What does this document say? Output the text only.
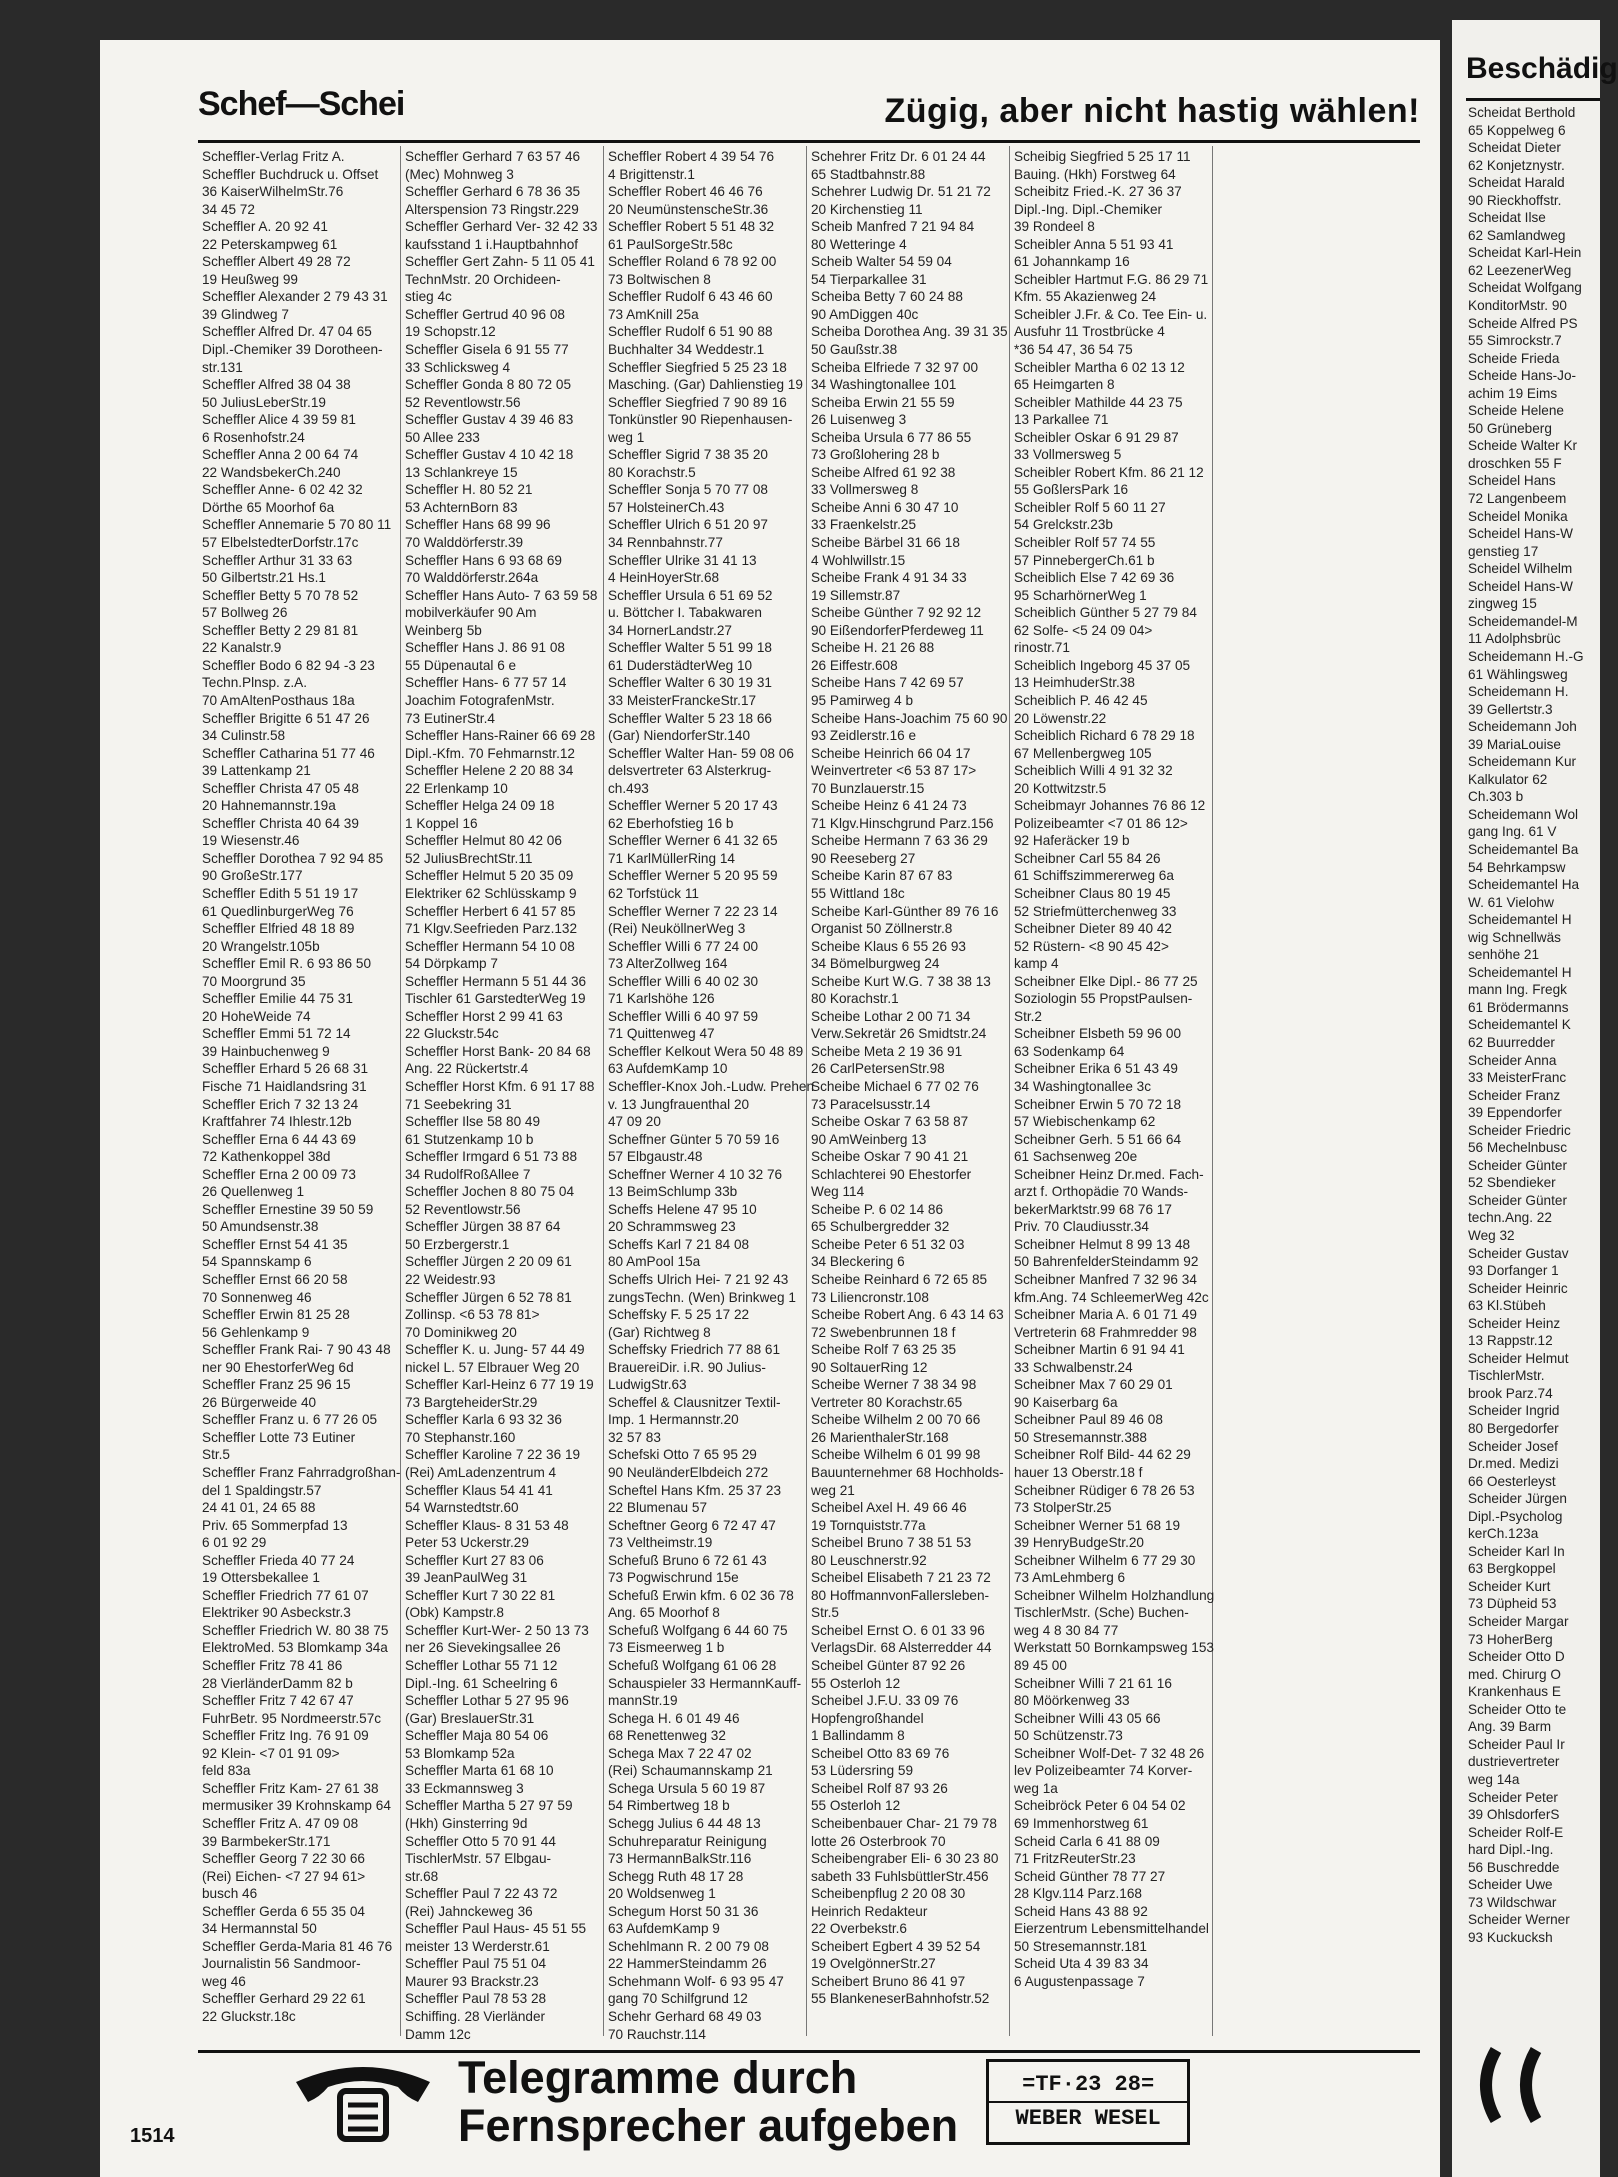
Schef—Schei	Zügig, aber nicht hastig wählen!
Scheffler-Verlag Fritz A.
Scheffler Buchdruck u. Offset
36 KaiserWilhelmStr.76
34 45 72
Scheffler A. 20 92 41
22 Peterskampweg 61
Scheffler Albert 49 28 72
19 Heußweg 99
Scheffler Alexander 2 79 43 31
39 Glindweg 7
Scheffler Alfred Dr. 47 04 65
Dipl.-Chemiker 39 Dorotheen-
str.131
Scheffler Alfred 38 04 38
50 JuliusLeberStr.19
Scheffler Alice 4 39 59 81
6 Rosenhofstr.24
Scheffler Anna 2 00 64 74
22 WandsbekerCh.240
Scheffler Anne- 6 02 42 32
Dörthe 65 Moorhof 6a
Scheffler Annemarie 5 70 80 11
57 ElbelstedterDorfstr.17c
Scheffler Arthur 31 33 63
50 Gilbertstr.21 Hs.1
Scheffler Betty 5 70 78 52
57 Bollweg 26
Scheffler Betty 2 29 81 81
22 Kanalstr.9
Scheffler Bodo 6 82 94 -3 23
Techn.Plnsp. z.A.
70 AmAltenPosthaus 18a
Scheffler Brigitte 6 51 47 26
34 Culinstr.58
Scheffler Catharina 51 77 46
39 Lattenkamp 21
Scheffler Christa 47 05 48
20 Hahnemannstr.19a
Scheffler Christa 40 64 39
19 Wiesenstr.46
Scheffler Dorothea 7 92 94 85
90 GroßeStr.177
Scheffler Edith 5 51 19 17
61 QuedlinburgerWeg 76
Scheffler Elfried 48 18 89
20 Wrangelstr.105b
Scheffler Emil R. 6 93 86 50
70 Moorgrund 35
Scheffler Emilie 44 75 31
20 HoheWeide 74
Scheffler Emmi 51 72 14
39 Hainbuchenweg 9
Scheffler Erhard 5 26 68 31
Fische 71 Haidlandsring 31
Scheffler Erich 7 32 13 24
Kraftfahrer 74 Ihlestr.12b
Scheffler Erna 6 44 43 69
72 Kathenkoppel 38d
Scheffler Erna 2 00 09 73
26 Quellenweg 1
Scheffler Ernestine 39 50 59
50 Amundsenstr.38
Scheffler Ernst 54 41 35
54 Spannskamp 6
Scheffler Ernst 66 20 58
70 Sonnenweg 46
Scheffler Erwin 81 25 28
56 Gehlenkamp 9
Scheffler Frank Rai- 7 90 43 48
ner 90 EhestorferWeg 6d
Scheffler Franz 25 96 15
26 Bürgerweide 40
Scheffler Franz u. 6 77 26 05
Scheffler Lotte 73 Eutiner
Str.5
Scheffler Franz Fahrradgroßhan-
del 1 Spaldingstr.57
24 41 01, 24 65 88
Priv. 65 Sommerpfad 13
6 01 92 29
Scheffler Frieda 40 77 24
19 Ottersbekallee 1
Scheffler Friedrich 77 61 07
Elektriker 90 Asbeckstr.3
Scheffler Friedrich W. 80 38 75
ElektroMed. 53 Blomkamp 34a
Scheffler Fritz 78 41 86
28 VierländerDamm 82 b
Scheffler Fritz 7 42 67 47
FuhrBetr. 95 Nordmeerstr.57c
Scheffler Fritz Ing. 76 91 09
92 Klein- <7 01 91 09>
feld 83a
Scheffler Fritz Kam- 27 61 38
mermusiker 39 Krohnskamp 64
Scheffler Fritz A. 47 09 08
39 BarmbekerStr.171
Scheffler Georg 7 22 30 66
(Rei) Eichen- <7 27 94 61>
busch 46
Scheffler Gerda 6 55 35 04
34 Hermannstal 50
Scheffler Gerda-Maria 81 46 76
Journalistin 56 Sandmoor-
weg 46
Scheffler Gerhard 29 22 61
22 Gluckstr.18c
Scheffler Gerhard 7 63 57 46
(Mec) Mohnweg 3
Scheffler Gerhard 6 78 36 35
Alterspension 73 Ringstr.229
Scheffler Gerhard Ver- 32 42 33
kaufsstand 1 i.Hauptbahnhof
Scheffler Gert Zahn- 5 11 05 41
TechnMstr. 20 Orchideen-
stieg 4c
Scheffler Gertrud 40 96 08
19 Schopstr.12
Scheffler Gisela 6 91 55 77
33 Schlicksweg 4
Scheffler Gonda 8 80 72 05
52 Reventlowstr.56
Scheffler Gustav 4 39 46 83
50 Allee 233
Scheffler Gustav 4 10 42 18
13 Schlankreye 15
Scheffler H. 80 52 21
53 AchternBorn 83
Scheffler Hans 68 99 96
70 Walddörferstr.39
Scheffler Hans 6 93 68 69
70 Walddörferstr.264a
Scheffler Hans Auto- 7 63 59 58
mobilverkäufer 90 Am
Weinberg 5b
Scheffler Hans J. 86 91 08
55 Düpenautal 6 e
Scheffler Hans- 6 77 57 14
Joachim FotografenMstr.
73 EutinerStr.4
Scheffler Hans-Rainer 66 69 28
Dipl.-Kfm. 70 Fehmarnstr.12
Scheffler Helene 2 20 88 34
22 Erlenkamp 10
Scheffler Helga 24 09 18
1 Koppel 16
Scheffler Helmut 80 42 06
52 JuliusBrechtStr.11
Scheffler Helmut 5 20 35 09
Elektriker 62 Schlüsskamp 9
Scheffler Herbert 6 41 57 85
71 Klgv.Seefrieden Parz.132
Scheffler Hermann 54 10 08
54 Dörpkamp 7
Scheffler Hermann 5 51 44 36
Tischler 61 GarstedterWeg 19
Scheffler Horst 2 99 41 63
22 Gluckstr.54c
Scheffler Horst Bank- 20 84 68
Ang. 22 Rückertstr.4
Scheffler Horst Kfm. 6 91 17 88
71 Seebekring 31
Scheffler Ilse 58 80 49
61 Stutzenkamp 10 b
Scheffler Irmgard 6 51 73 88
34 RudolfRoßAllee 7
Scheffler Jochen 8 80 75 04
52 Reventlowstr.56
Scheffler Jürgen 38 87 64
50 Erzbergerstr.1
Scheffler Jürgen 2 20 09 61
22 Weidestr.93
Scheffler Jürgen 6 52 78 81
Zollinsp. <6 53 78 81>
70 Dominikweg 20
Scheffler K. u. Jung- 57 44 49
nickel L. 57 Elbrauer Weg 20
Scheffler Karl-Heinz 6 77 19 19
73 BargteheiderStr.29
Scheffler Karla 6 93 32 36
70 Stephanstr.160
Scheffler Karoline 7 22 36 19
(Rei) AmLadenzentrum 4
Scheffler Klaus 54 41 41
54 Warnstedtstr.60
Scheffler Klaus- 8 31 53 48
Peter 53 Uckerstr.29
Scheffler Kurt 27 83 06
39 JeanPaulWeg 31
Scheffler Kurt 7 30 22 81
(Obk) Kampstr.8
Scheffler Kurt-Wer- 2 50 13 73
ner 26 Sievekingsallee 26
Scheffler Lothar 55 71 12
Dipl.-Ing. 61 Scheelring 6
Scheffler Lothar 5 27 95 96
(Gar) BreslauerStr.31
Scheffler Maja 80 54 06
53 Blomkamp 52a
Scheffler Marta 61 68 10
33 Eckmannsweg 3
Scheffler Martha 5 27 97 59
(Hkh) Ginsterring 9d
Scheffler Otto 5 70 91 44
TischlerMstr. 57 Elbgau-
str.68
Scheffler Paul 7 22 43 72
(Rei) Jahnckeweg 36
Scheffler Paul Haus- 45 51 55
meister 13 Werderstr.61
Scheffler Paul 75 51 04
Maurer 93 Brackstr.23
Scheffler Paul 78 53 28
Schiffing. 28 Vierländer
Damm 12c
Scheffler Robert 4 39 54 76
4 Brigittenstr.1
Scheffler Robert 46 46 76
20 NeumünstenscheStr.36
Scheffler Robert 5 51 48 32
61 PaulSorgeStr.58c
Scheffler Roland 6 78 92 00
73 Boltwischen 8
Scheffler Rudolf 6 43 46 60
73 AmKnill 25a
Scheffler Rudolf 6 51 90 88
Buchhalter 34 Weddestr.1
Scheffler Siegfried 5 25 23 18
Masching. (Gar) Dahlienstieg 19
Scheffler Siegfried 7 90 89 16
Tonkünstler 90 Riepenhausen-
weg 1
Scheffler Sigrid 7 38 35 20
80 Korachstr.5
Scheffler Sonja 5 70 77 08
57 HolsteinerCh.43
Scheffler Ulrich 6 51 20 97
34 Rennbahnstr.77
Scheffler Ulrike 31 41 13
4 HeinHoyerStr.68
Scheffler Ursula 6 51 69 52
u. Böttcher I. Tabakwaren
34 HornerLandstr.27
Scheffler Walter 5 51 99 18
61 DuderstädterWeg 10
Scheffler Walter 6 30 19 31
33 MeisterFranckeStr.17
Scheffler Walter 5 23 18 66
(Gar) NiendorferStr.140
Scheffler Walter Han- 59 08 06
delsvertreter 63 Alsterkrug-
ch.493
Scheffler Werner 5 20 17 43
62 Eberhofstieg 16 b
Scheffler Werner 6 41 32 65
71 KarlMüllerRing 14
Scheffler Werner 5 20 95 59
62 Torfstück 11
Scheffler Werner 7 22 23 14
(Rei) NeuköllnerWeg 3
Scheffler Willi 6 77 24 00
73 AlterZollweg 164
Scheffler Willi 6 40 02 30
71 Karlshöhe 126
Scheffler Willi 6 40 97 59
71 Quittenweg 47
Scheffler Kelkout Wera 50 48 89
63 AufdemKamp 10
Scheffler-Knox Joh.-Ludw. Prehen
v. 13 Jungfrauenthal 20
47 09 20
Scheffner Günter 5 70 59 16
57 Elbgaustr.48
Scheffner Werner 4 10 32 76
13 BeimSchlump 33b
Scheffs Helene 47 95 10
20 Schrammsweg 23
Scheffs Karl 7 21 84 08
80 AmPool 15a
Scheffs Ulrich Hei- 7 21 92 43
zungsTechn. (Wen) Brinkweg 1
Scheffsky F. 5 25 17 22
(Gar) Richtweg 8
Scheffsky Friedrich 77 88 61
BrauereiDir. i.R. 90 Julius-
LudwigStr.63
Scheffel & Clausnitzer Textil-
Imp. 1 Hermannstr.20
32 57 83
Schefski Otto 7 65 95 29
90 NeuländerElbdeich 272
Scheftel Hans Kfm. 25 37 23
22 Blumenau 57
Scheftner Georg 6 72 47 47
73 Veltheimstr.19
Schefuß Bruno 6 72 61 43
73 Pogwischrund 15e
Schefuß Erwin kfm. 6 02 36 78
Ang. 65 Moorhof 8
Schefuß Wolfgang 6 44 60 75
73 Eismeerweg 1 b
Schefuß Wolfgang 61 06 28
Schauspieler 33 HermannKauff-
mannStr.19
Schega H. 6 01 49 46
68 Renettenweg 32
Schega Max 7 22 47 02
(Rei) Schaumannskamp 21
Schega Ursula 5 60 19 87
54 Rimbertweg 18 b
Schegg Julius 6 44 48 13
Schuhreparatur Reinigung
73 HermannBalkStr.116
Schegg Ruth 48 17 28
20 Woldsenweg 1
Schegum Horst 50 31 36
63 AufdemKamp 9
Schehlmann R. 2 00 79 08
22 HammerSteindamm 26
Schehmann Wolf- 6 93 95 47
gang 70 Schilfgrund 12
Schehr Gerhard 68 49 03
70 Rauchstr.114
Schehrer Fritz Dr. 6 01 24 44
65 Stadtbahnstr.88
Schehrer Ludwig Dr. 51 21 72
20 Kirchenstieg 11
Scheib Manfred 7 21 94 84
80 Wetteringe 4
Scheib Walter 54 59 04
54 Tierparkallee 31
Scheiba Betty 7 60 24 88
90 AmDiggen 40c
Scheiba Dorothea Ang. 39 31 35
50 Gaußstr.38
Scheiba Elfriede 7 32 97 00
34 Washingtonallee 101
Scheiba Erwin 21 55 59
26 Luisenweg 3
Scheiba Ursula 6 77 86 55
73 Großlohering 28 b
Scheibe Alfred 61 92 38
33 Vollmersweg 8
Scheibe Anni 6 30 47 10
33 Fraenkelstr.25
Scheibe Bärbel 31 66 18
4 Wohlwillstr.15
Scheibe Frank 4 91 34 33
19 Sillemstr.87
Scheibe Günther 7 92 92 12
90 EißendorferPferdeweg 11
Scheibe H. 21 26 88
26 Eiffestr.608
Scheibe Hans 7 42 69 57
95 Pamirweg 4 b
Scheibe Hans-Joachim 75 60 90
93 Zeidlerstr.16 e
Scheibe Heinrich 66 04 17
Weinvertreter <6 53 87 17>
70 Bunzlauerstr.15
Scheibe Heinz 6 41 24 73
71 Klgv.Hinschgrund Parz.156
Scheibe Hermann 7 63 36 29
90 Reeseberg 27
Scheibe Karin 87 67 83
55 Wittland 18c
Scheibe Karl-Günther 89 76 16
Organist 50 Zöllnerstr.8
Scheibe Klaus 6 55 26 93
34 Bömelburgweg 24
Scheibe Kurt W.G. 7 38 38 13
80 Korachstr.1
Scheibe Lothar 2 00 71 34
Verw.Sekretär 26 Smidtstr.24
Scheibe Meta 2 19 36 91
26 CarlPetersenStr.98
Scheibe Michael 6 77 02 76
73 Paracelsusstr.14
Scheibe Oskar 7 63 58 87
90 AmWeinberg 13
Scheibe Oskar 7 90 41 21
Schlachterei 90 Ehestorfer
Weg 114
Scheibe P. 6 02 14 86
65 Schulbergredder 32
Scheibe Peter 6 51 32 03
34 Bleckering 6
Scheibe Reinhard 6 72 65 85
73 Liliencronstr.108
Scheibe Robert Ang. 6 43 14 63
72 Swebenbrunnen 18 f
Scheibe Rolf 7 63 25 35
90 SoltauerRing 12
Scheibe Werner 7 38 34 98
Vertreter 80 Korachstr.65
Scheibe Wilhelm 2 00 70 66
26 MarienthalerStr.168
Scheibe Wilhelm 6 01 99 98
Bauunternehmer 68 Hochholds-
weg 21
Scheibel Axel H. 49 66 46
19 Tornquiststr.77a
Scheibel Bruno 7 38 51 53
80 Leuschnerstr.92
Scheibel Elisabeth 7 21 23 72
80 HoffmannvonFallersleben-
Str.5
Scheibel Ernst O. 6 01 33 96
VerlagsDir. 68 Alsterredder 44
Scheibel Günter 87 92 26
55 Osterloh 12
Scheibel J.F.U. 33 09 76
Hopfengroßhandel
1 Ballindamm 8
Scheibel Otto 83 69 76
53 Lüdersring 59
Scheibel Rolf 87 93 26
55 Osterloh 12
Scheibenbauer Char- 21 79 78
lotte 26 Osterbrook 70
Scheibengraber Eli- 6 30 23 80
sabeth 33 FuhlsbüttlerStr.456
Scheibenpflug 2 20 08 30
Heinrich Redakteur
22 Overbekstr.6
Scheibert Egbert 4 39 52 54
19 OvelgönnerStr.27
Scheibert Bruno 86 41 97
55 BlankeneserBahnhofstr.52
Scheibig Siegfried 5 25 17 11
Bauing. (Hkh) Forstweg 64
Scheibitz Fried.-K. 27 36 37
Dipl.-Ing. Dipl.-Chemiker
39 Rondeel 8
Scheibler Anna 5 51 93 41
61 Johannkamp 16
Scheibler Hartmut F.G. 86 29 71
Kfm. 55 Akazienweg 24
Scheibler J.Fr. & Co. Tee Ein- u.
Ausfuhr 11 Trostbrücke 4
*36 54 47, 36 54 75
Scheibler Martha 6 02 13 12
65 Heimgarten 8
Scheibler Mathilde 44 23 75
13 Parkallee 71
Scheibler Oskar 6 91 29 87
33 Vollmersweg 5
Scheibler Robert Kfm. 86 21 12
55 GoßlersPark 16
Scheibler Rolf 5 60 11 27
54 Grelckstr.23b
Scheibler Rolf 57 74 55
57 PinnebergerCh.61 b
Scheiblich Else 7 42 69 36
95 ScharhörnerWeg 1
Scheiblich Günther 5 27 79 84
62 Solfe- <5 24 09 04>
rinostr.71
Scheiblich Ingeborg 45 37 05
13 HeimhuderStr.38
Scheiblich P. 46 42 45
20 Löwenstr.22
Scheiblich Richard 6 78 29 18
67 Mellenbergweg 105
Scheiblich Willi 4 91 32 32
20 Kottwitzstr.5
Scheibmayr Johannes 76 86 12
Polizeibeamter <7 01 86 12>
92 Haferäcker 19 b
Scheibner Carl 55 84 26
61 Schiffszimmererweg 6a
Scheibner Claus 80 19 45
52 Striefmütterchenweg 33
Scheibner Dieter 89 40 42
52 Rüstern- <8 90 45 42>
kamp 4
Scheibner Elke Dipl.- 86 77 25
Soziologin 55 PropstPaulsen-
Str.2
Scheibner Elsbeth 59 96 00
63 Sodenkamp 64
Scheibner Erika 6 51 43 49
34 Washingtonallee 3c
Scheibner Erwin 5 70 72 18
57 Wiebischenkamp 62
Scheibner Gerh. 5 51 66 64
61 Sachsenweg 20e
Scheibner Heinz Dr.med. Fach-
arzt f. Orthopädie 70 Wands-
bekerMarktstr.99 68 76 17
Priv. 70 Claudiusstr.34
Scheibner Helmut 8 99 13 48
50 BahrenfelderSteindamm 92
Scheibner Manfred 7 32 96 34
kfm.Ang. 74 SchleemerWeg 42c
Scheibner Maria A. 6 01 71 49
Vertreterin 68 Frahmredder 98
Scheibner Martin 6 91 94 41
33 Schwalbenstr.24
Scheibner Max 7 60 29 01
90 Kaiserbarg 6a
Scheibner Paul 89 46 08
50 Stresemannstr.388
Scheibner Rolf Bild- 44 62 29
hauer 13 Oberstr.18 f
Scheibner Rüdiger 6 78 26 53
73 StolperStr.25
Scheibner Werner 51 68 19
39 HenryBudgeStr.20
Scheibner Wilhelm 6 77 29 30
73 AmLehmberg 6
Scheibner Wilhelm Holzhandlung
TischlerMstr. (Sche) Buchen-
weg 4 8 30 84 77
Werkstatt 50 Bornkampsweg 153
89 45 00
Scheibner Willi 7 21 61 16
80 Möörkenweg 33
Scheibner Willi 43 05 66
50 Schützenstr.73
Scheibner Wolf-Det- 7 32 48 26
lev Polizeibeamter 74 Korver-
weg 1a
Scheibröck Peter 6 04 54 02
69 Immenhorstweg 61
Scheid Carla 6 41 88 09
71 FritzReuterStr.23
Scheid Günther 78 77 27
28 Klgv.114 Parz.168
Scheid Hans 43 88 92
Eierzentrum Lebensmittelhandel
50 Stresemannstr.181
Scheid Uta 4 39 83 34
6 Augustenpassage 7
Telegramme durch
Fernsprecher aufgeben
=TF·23 28=
WEBER WESEL
1514
Beschädig
Scheidat Berthold
65 Koppelweg 6
Scheidat Dieter
62 Konjetznystr.
Scheidat Harald
90 Rieckhoffstr.
Scheidat Ilse
62 Samlandweg
Scheidat Karl-Hein
62 LeezenerWeg
Scheidat Wolfgang
KonditorMstr. 90
Scheide Alfred PS
55 Simrockstr.7
Scheide Frieda
Scheide Hans-Jo-
achim 19 Eims
Scheide Helene
50 Grüneberg
Scheide Walter Kr
droschken 55 F
Scheidel Hans
72 Langenbeem
Scheidel Monika
Scheidel Hans-W
genstieg 17
Scheidel Wilhelm
Scheidel Hans-W
zingweg 15
Scheidemandel-M
11 Adolphsbrüc
Scheidemann H.-G
61 Wählingsweg
Scheidemann H.
39 Gellertstr.3
Scheidemann Joh
39 MariaLouise
Scheidemann Kur
Kalkulator 62
Ch.303 b
Scheidemann Wol
gang Ing. 61 V
Scheidemantel Ba
54 Behrkampsw
Scheidemantel Ha
W. 61 Vielohw
Scheidemantel H
wig Schnellwäs
senhöhe 21
Scheidemantel H
mann Ing. Fregk
61 Brödermanns
Scheidemantel K
62 Buurredder
Scheider Anna
33 MeisterFranc
Scheider Franz
39 Eppendorfer
Scheider Friedric
56 Mechelnbusc
Scheider Günter
52 Sbendieker
Scheider Günter
techn.Ang. 22
Weg 32
Scheider Gustav
93 Dorfanger 1
Scheider Heinric
63 Kl.Stübeh
Scheider Heinz
13 Rappstr.12
Scheider Helmut
TischlerMstr.
brook Parz.74
Scheider Ingrid
80 Bergedorfer
Scheider Josef
Dr.med. Medizi
66 Oesterleyst
Scheider Jürgen
Dipl.-Psycholog
kerCh.123a
Scheider Karl In
63 Bergkoppel
Scheider Kurt
73 Düpheid 53
Scheider Margar
73 HoherBerg
Scheider Otto D
med. Chirurg O
Krankenhaus E
Scheider Otto te
Ang. 39 Barm
Scheider Paul Ir
dustrievertreter
weg 14a
Scheider Peter
39 OhlsdorferS
Scheider Rolf-E
hard Dipl.-Ing.
56 Buschredde
Scheider Uwe
73 Wildschwar
Scheider Werner
93 Kuckucksh
